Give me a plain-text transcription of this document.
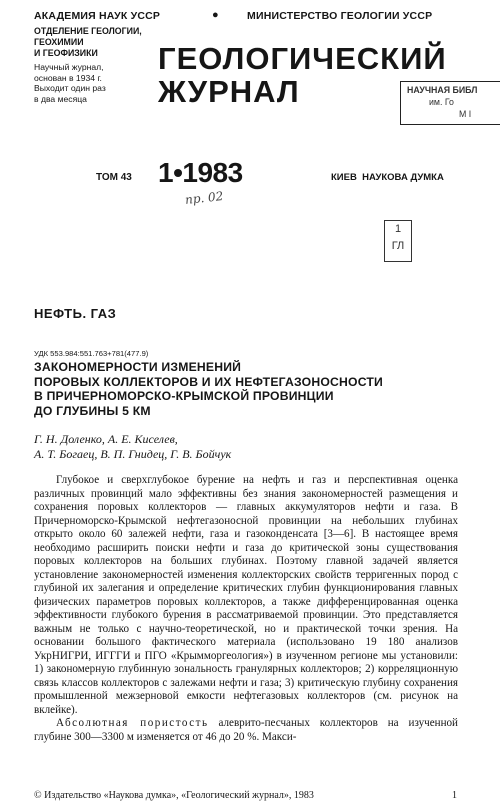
АКАДЕМИЯ НАУК УССР	●	МИНИСТЕРСТВО ГЕОЛОГИИ УССР
ОТДЕЛЕНИЕ ГЕОЛОГИИ,
ГЕОХИМИИ
И ГЕОФИЗИКИ
Научный журнал,
основан в 1934 г.
Выходит один раз
в два месяца
ГЕОЛОГИЧЕСКИЙ
ЖУРНАЛ	НАУЧНАЯ БИБЛ
им. Го
М І
ТОМ 43 1•1983	КИЕВ  НАУКОВА ДУМКА
пр. 02
1
ГЛ
НЕФТЬ. ГАЗ
УДК 553.984:551.763+781(477.9)
ЗАКОНОМЕРНОСТИ ИЗМЕНЕНИЙ
ПОРОВЫХ КОЛЛЕКТОРОВ И ИХ НЕФТЕГАЗОНОСНОСТИ
В ПРИЧЕРНОМОРСКО-КРЫМСКОЙ ПРОВИНЦИИ
ДО ГЛУБИНЫ 5 КМ
Г. Н. Доленко, А. Е. Киселев,
А. Т. Богаец, В. П. Гнидец, Г. В. Бойчук

Глубокое и сверхглубокое бурение на нефть и газ и перспективная оценка различных провинций мало эффективны без знания закономерностей размещения и сохранения поровых коллекторов — главных аккумуляторов нефти и газа. В Причерноморско-Крымской нефтегазоносной провинции на небольших глубинах открыто около 60 залежей нефти, газа и газоконденсата [3—6]. В настоящее время необходимо расширить поиски нефти и газа до критической зоны существования поровых коллекторов на больших глубинах. Поэтому главной задачей является установление закономерностей изменения коллекторских свойств терригенных пород с глубиной их залегания и определение критических глубин функционирования главных физических параметров поровых коллекторов, а также дифференцированная оценка эффективности глубокого бурения в рассматриваемой провинции. Это представляется важным не только с научно-теоретической, но и практической точки зрения. На основании большого фактического материала (использовано 19 180 анализов УкрНИГРИ, ИГГГИ и ПГО «Крымморгеология») в изученном регионе мы установили: 1) закономерную глубинную зональность гранулярных коллекторов; 2) корреляционную связь классов коллекторов с залежами нефти и газа; 3) критическую глубину сохранения промышленной межзерновой емкости нефтегазовых коллекторов (см. рисунок на вклейке).

Абсолютная пористость алеврито-песчаных коллекторов на изученной глубине 300—3300 м изменяется от 46 до 20 %. Макси-

© Издательство «Наукова думка», «Геологический журнал», 1983	1
